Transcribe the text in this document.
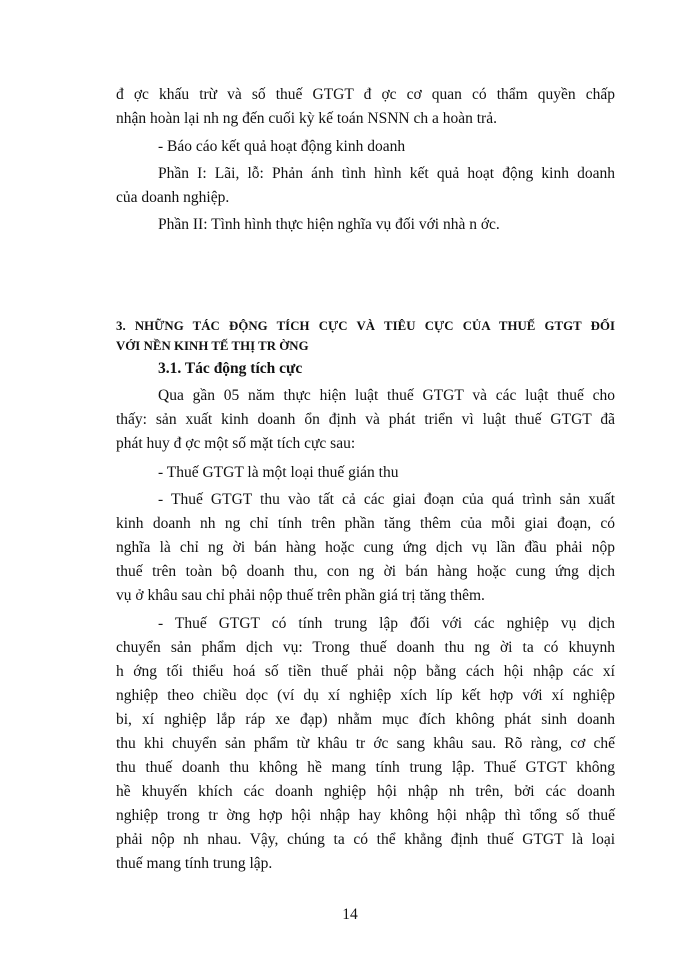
đ ợc khấu trừ và số thuế GTGT đ ợc cơ quan có thẩm quyền chấp
nhận hoàn lại nh ng đến cuối kỳ kế toán NSNN ch a hoàn trả.
- Báo cáo kết quả hoạt động kinh doanh
Phần I: Lãi, lỗ: Phản ánh tình hình kết quả hoạt động kinh doanh
của doanh nghiệp.
Phần II: Tình hình thực hiện nghĩa vụ đối với nhà n ớc.
3. NHỮNG TÁC ĐỘNG TÍCH CỰC VÀ TIÊU CỰC CỦA THUẾ GTGT ĐỐI
VỚI NỀN KINH TẾ THỊ TR ỜNG
3.1. Tác động tích cực
Qua gần 05 năm thực hiện luật thuế GTGT và các luật thuế cho
thấy: sản xuất kinh doanh ổn định và phát triển vì luật thuế GTGT đã
phát huy đ ợc một số mặt tích cực sau:
- Thuế GTGT là một loại thuế gián thu
- Thuế GTGT thu vào tất cả các giai đoạn của quá trình sản xuất
kinh doanh nh ng chỉ tính trên phần tăng thêm của mỗi giai đoạn, có
nghĩa là chỉ ng ời bán hàng hoặc cung ứng dịch vụ lần đầu phải nộp
thuế trên toàn bộ doanh thu, con ng ời bán hàng hoặc cung ứng dịch
vụ ở khâu sau chỉ phải nộp thuế trên phần giá trị tăng thêm.
- Thuế GTGT có tính trung lập đối với các nghiệp vụ dịch
chuyển sản phẩm dịch vụ: Trong thuế doanh thu ng ời ta có khuynh
h ớng tối thiểu hoá số tiền thuế phải nộp bằng cách hội nhập các xí
nghiệp theo chiều dọc (ví dụ xí nghiệp xích líp kết hợp với xí nghiệp
bi, xí nghiệp lắp ráp xe đạp) nhằm mục đích không phát sinh doanh
thu khi chuyển sản phẩm từ khâu tr ớc sang khâu sau. Rõ ràng, cơ chế
thu thuế doanh thu không hề mang tính trung lập. Thuế GTGT không
hề khuyến khích các doanh nghiệp hội nhập nh trên, bởi các doanh
nghiệp trong tr ờng hợp hội nhập hay không hội nhập thì tổng số thuế
phải nộp nh nhau. Vậy, chúng ta có thể khẳng định thuế GTGT là loại
thuế mang tính trung lập.
14
